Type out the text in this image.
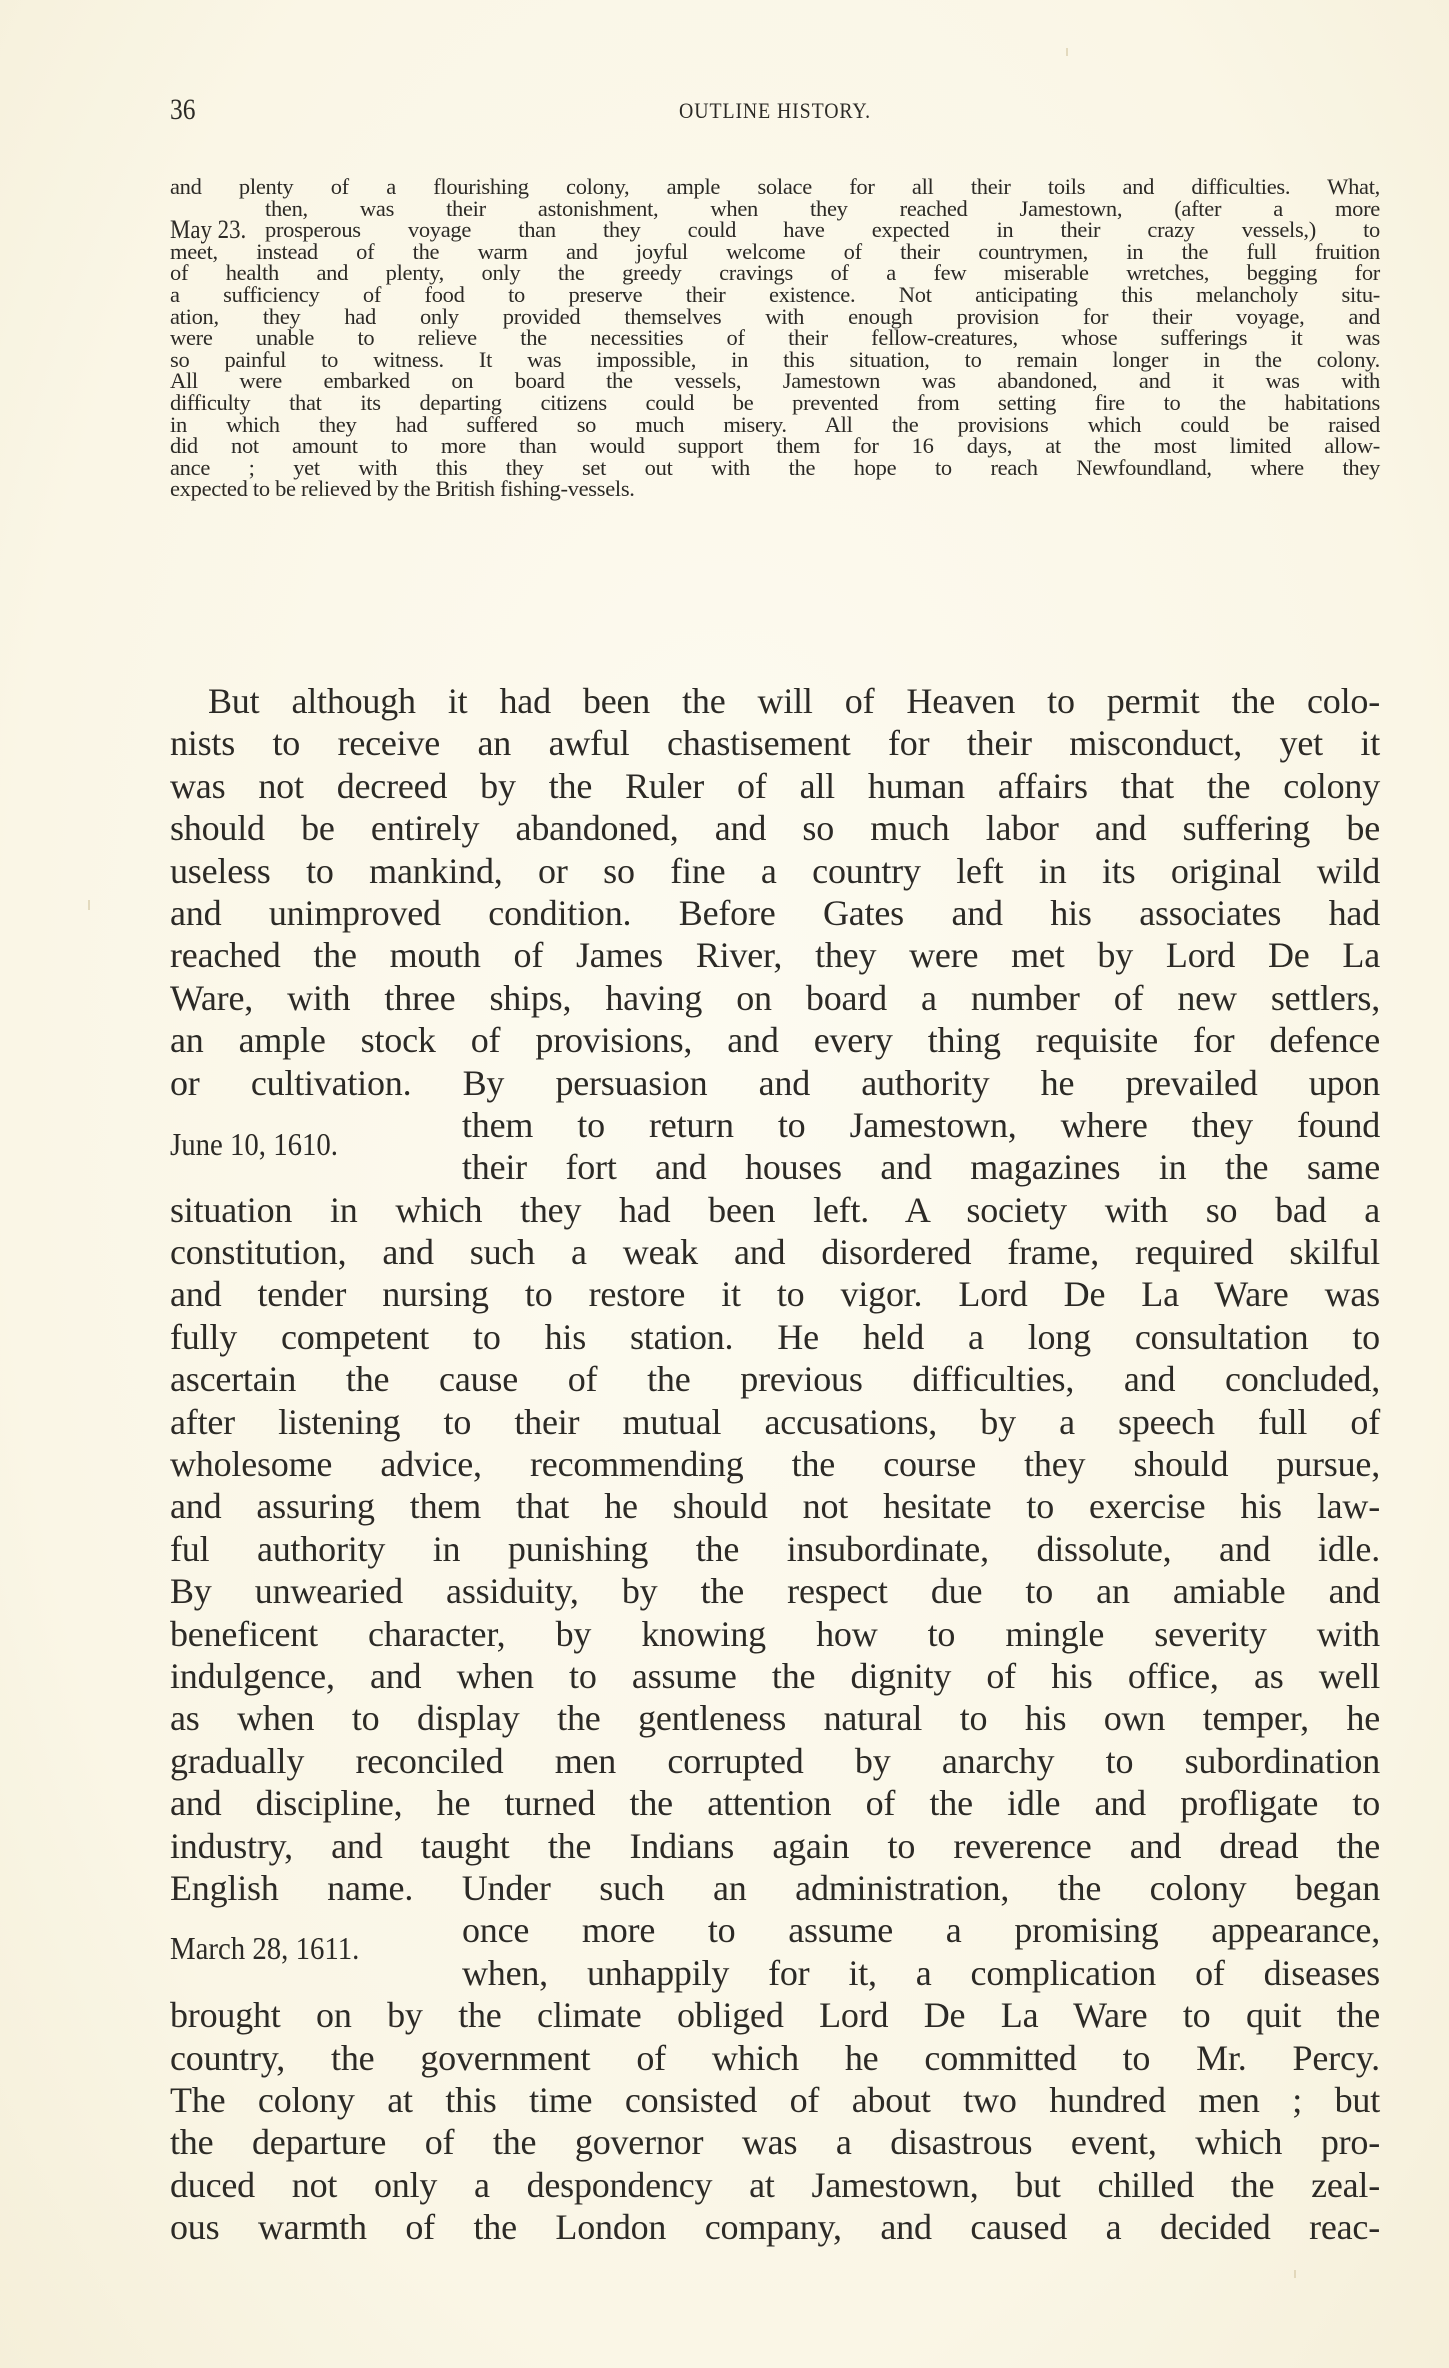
36	OUTLINE HISTORY.
and plenty of a flourishing colony, ample solace for all their toils and difficulties. What,
then, was their astonishment, when they reached Jamestown, (after a more
prosperous voyage than they could have expected in their crazy vessels,) to
meet, instead of the warm and joyful welcome of their countrymen, in the full fruition
of health and plenty, only the greedy cravings of a few miserable wretches, begging for
a sufficiency of food to preserve their existence. Not anticipating this melancholy situ-
ation, they had only provided themselves with enough provision for their voyage, and
were unable to relieve the necessities of their fellow-creatures, whose sufferings it was
so painful to witness. It was impossible, in this situation, to remain longer in the colony.
All were embarked on board the vessels, Jamestown was abandoned, and it was with
difficulty that its departing citizens could be prevented from setting fire to the habitations
in which they had suffered so much misery. All the provisions which could be raised
did not amount to more than would support them for 16 days, at the most limited allow-
ance ; yet with this they set out with the hope to reach Newfoundland, where they
expected to be relieved by the British fishing-vessels.
May 23.
But although it had been the will of Heaven to permit the colo-
nists to receive an awful chastisement for their misconduct, yet it
was not decreed by the Ruler of all human affairs that the colony
should be entirely abandoned, and so much labor and suffering be
useless to mankind, or so fine a country left in its original wild
and unimproved condition. Before Gates and his associates had
reached the mouth of James River, they were met by Lord De La
Ware, with three ships, having on board a number of new settlers,
an ample stock of provisions, and every thing requisite for defence
or cultivation. By persuasion and authority he prevailed upon
them to return to Jamestown, where they found
their fort and houses and magazines in the same
situation in which they had been left. A society with so bad a
constitution, and such a weak and disordered frame, required skilful
and tender nursing to restore it to vigor. Lord De La Ware was
fully competent to his station. He held a long consultation to
ascertain the cause of the previous difficulties, and concluded,
after listening to their mutual accusations, by a speech full of
wholesome advice, recommending the course they should pursue,
and assuring them that he should not hesitate to exercise his law-
ful authority in punishing the insubordinate, dissolute, and idle.
By unwearied assiduity, by the respect due to an amiable and
beneficent character, by knowing how to mingle severity with
indulgence, and when to assume the dignity of his office, as well
as when to display the gentleness natural to his own temper, he
gradually reconciled men corrupted by anarchy to subordination
and discipline, he turned the attention of the idle and profligate to
industry, and taught the Indians again to reverence and dread the
English name. Under such an administration, the colony began
once more to assume a promising appearance,
when, unhappily for it, a complication of diseases
brought on by the climate obliged Lord De La Ware to quit the
country, the government of which he committed to Mr. Percy.
The colony at this time consisted of about two hundred men ; but
the departure of the governor was a disastrous event, which pro-
duced not only a despondency at Jamestown, but chilled the zeal-
ous warmth of the London company, and caused a decided reac-
June 10, 1610.
March 28, 1611.
